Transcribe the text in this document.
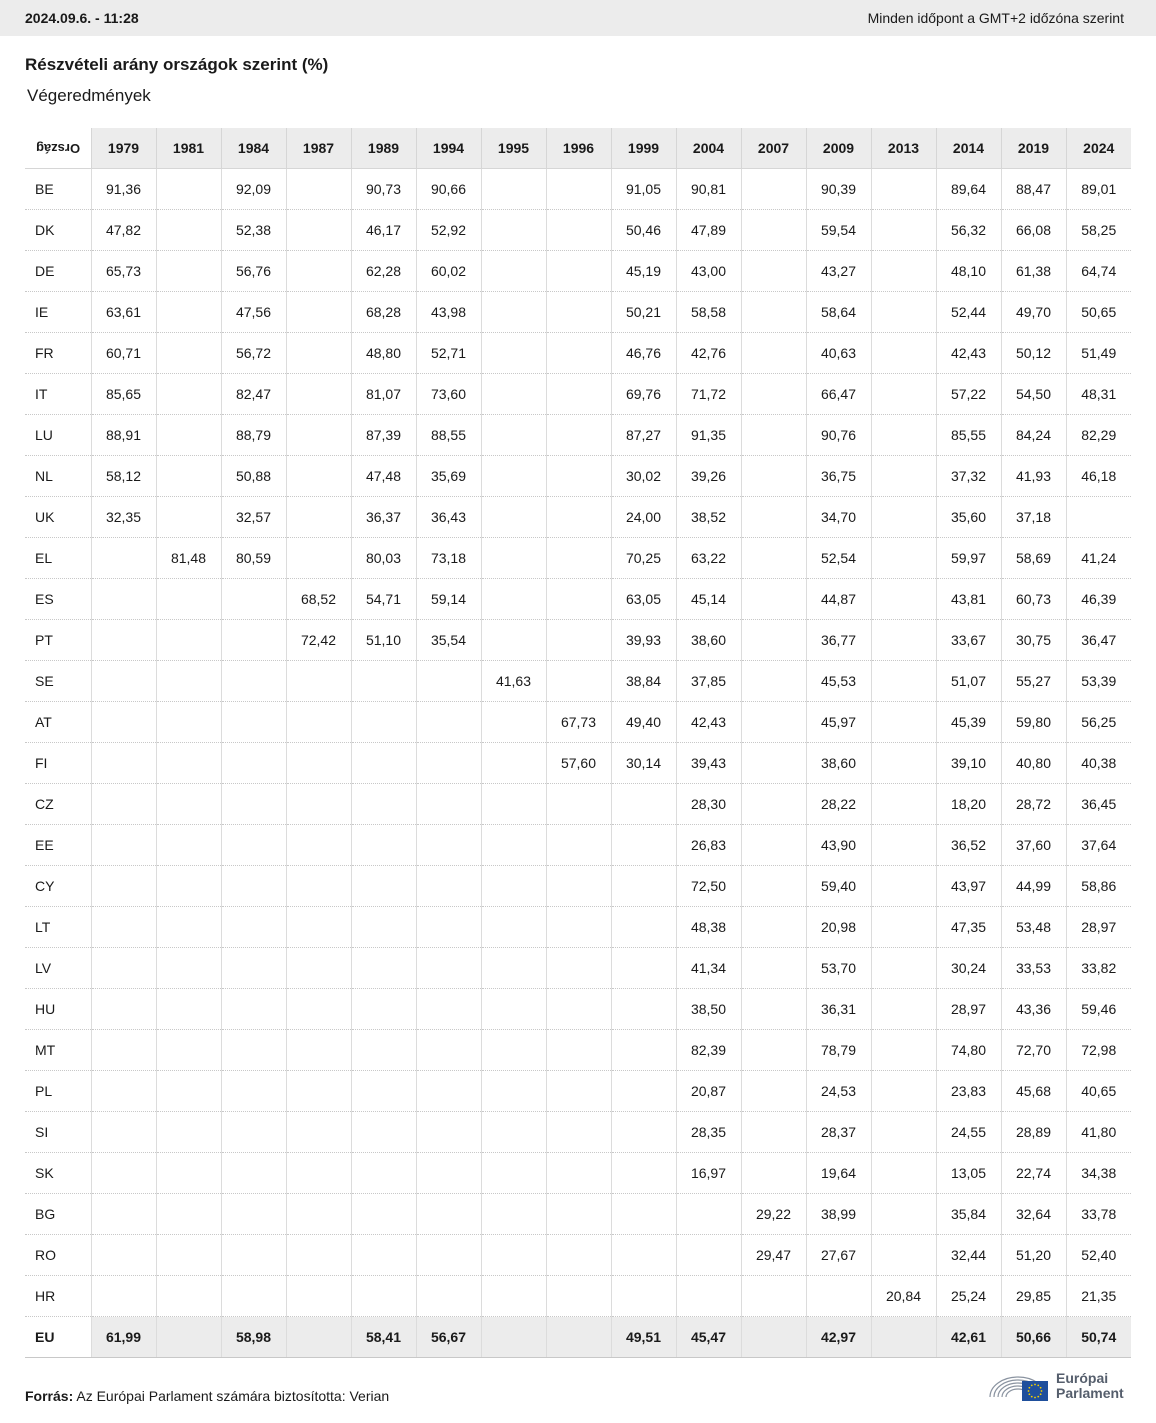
2024.09.6. - 11:28	Minden időpont a GMT+2 időzóna szerint
Részvételi arány országok szerint (%)
Végeredmények
Ország	1979	1981	1984	1987	1989	1994	1995	1996	1999	2004	2007	2009	2013	2014	2019	2024
BE	91,36		92,09		90,73	90,66			91,05	90,81		90,39		89,64	88,47	89,01
DK	47,82		52,38		46,17	52,92			50,46	47,89		59,54		56,32	66,08	58,25
DE	65,73		56,76		62,28	60,02			45,19	43,00		43,27		48,10	61,38	64,74
IE	63,61		47,56		68,28	43,98			50,21	58,58		58,64		52,44	49,70	50,65
FR	60,71		56,72		48,80	52,71			46,76	42,76		40,63		42,43	50,12	51,49
IT	85,65		82,47		81,07	73,60			69,76	71,72		66,47		57,22	54,50	48,31
LU	88,91		88,79		87,39	88,55			87,27	91,35		90,76		85,55	84,24	82,29
NL	58,12		50,88		47,48	35,69			30,02	39,26		36,75		37,32	41,93	46,18
UK	32,35		32,57		36,37	36,43			24,00	38,52		34,70		35,60	37,18	
EL		81,48	80,59		80,03	73,18			70,25	63,22		52,54		59,97	58,69	41,24
ES				68,52	54,71	59,14			63,05	45,14		44,87		43,81	60,73	46,39
PT				72,42	51,10	35,54			39,93	38,60		36,77		33,67	30,75	36,47
SE							41,63		38,84	37,85		45,53		51,07	55,27	53,39
AT								67,73	49,40	42,43		45,97		45,39	59,80	56,25
FI								57,60	30,14	39,43		38,60		39,10	40,80	40,38
CZ										28,30		28,22		18,20	28,72	36,45
EE										26,83		43,90		36,52	37,60	37,64
CY										72,50		59,40		43,97	44,99	58,86
LT										48,38		20,98		47,35	53,48	28,97
LV										41,34		53,70		30,24	33,53	33,82
HU										38,50		36,31		28,97	43,36	59,46
MT										82,39		78,79		74,80	72,70	72,98
PL										20,87		24,53		23,83	45,68	40,65
SI										28,35		28,37		24,55	28,89	41,80
SK										16,97		19,64		13,05	22,74	34,38
BG											29,22	38,99		35,84	32,64	33,78
RO											29,47	27,67		32,44	51,20	52,40
HR													20,84	25,24	29,85	21,35
EU	61,99		58,98		58,41	56,67			49,51	45,47		42,97		42,61	50,66	50,74
Forrás: Az Európai Parlament számára biztosította: Verian
Európai
Parlament
